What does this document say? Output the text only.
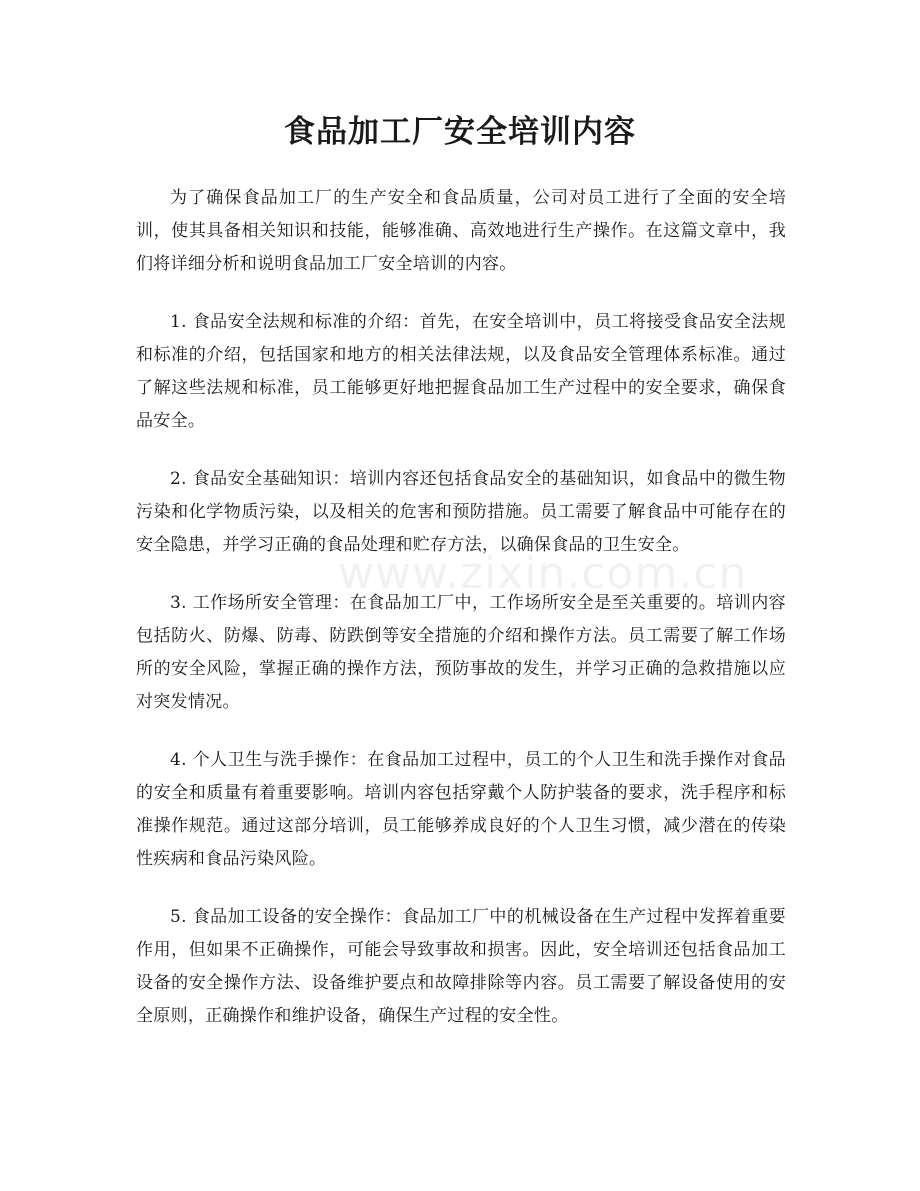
食品加工厂安全培训内容

为了确保食品加工厂的生产安全和食品质量，公司对员工进行了全面的安全培训，使其具备相关知识和技能，能够准确、高效地进行生产操作。在这篇文章中，我们将详细分析和说明食品加工厂安全培训的内容。

1. 食品安全法规和标准的介绍：首先，在安全培训中，员工将接受食品安全法规和标准的介绍，包括国家和地方的相关法律法规，以及食品安全管理体系标准。通过了解这些法规和标准，员工能够更好地把握食品加工生产过程中的安全要求，确保食品安全。

2. 食品安全基础知识：培训内容还包括食品安全的基础知识，如食品中的微生物污染和化学物质污染，以及相关的危害和预防措施。员工需要了解食品中可能存在的安全隐患，并学习正确的食品处理和贮存方法，以确保食品的卫生安全。

3. 工作场所安全管理：在食品加工厂中，工作场所安全是至关重要的。培训内容包括防火、防爆、防毒、防跌倒等安全措施的介绍和操作方法。员工需要了解工作场所的安全风险，掌握正确的操作方法，预防事故的发生，并学习正确的急救措施以应对突发情况。

4. 个人卫生与洗手操作：在食品加工过程中，员工的个人卫生和洗手操作对食品的安全和质量有着重要影响。培训内容包括穿戴个人防护装备的要求，洗手程序和标准操作规范。通过这部分培训，员工能够养成良好的个人卫生习惯，减少潜在的传染性疾病和食品污染风险。

5. 食品加工设备的安全操作：食品加工厂中的机械设备在生产过程中发挥着重要作用，但如果不正确操作，可能会导致事故和损害。因此，安全培训还包括食品加工设备的安全操作方法、设备维护要点和故障排除等内容。员工需要了解设备使用的安全原则，正确操作和维护设备，确保生产过程的安全性。

www.zixin.com.cn
